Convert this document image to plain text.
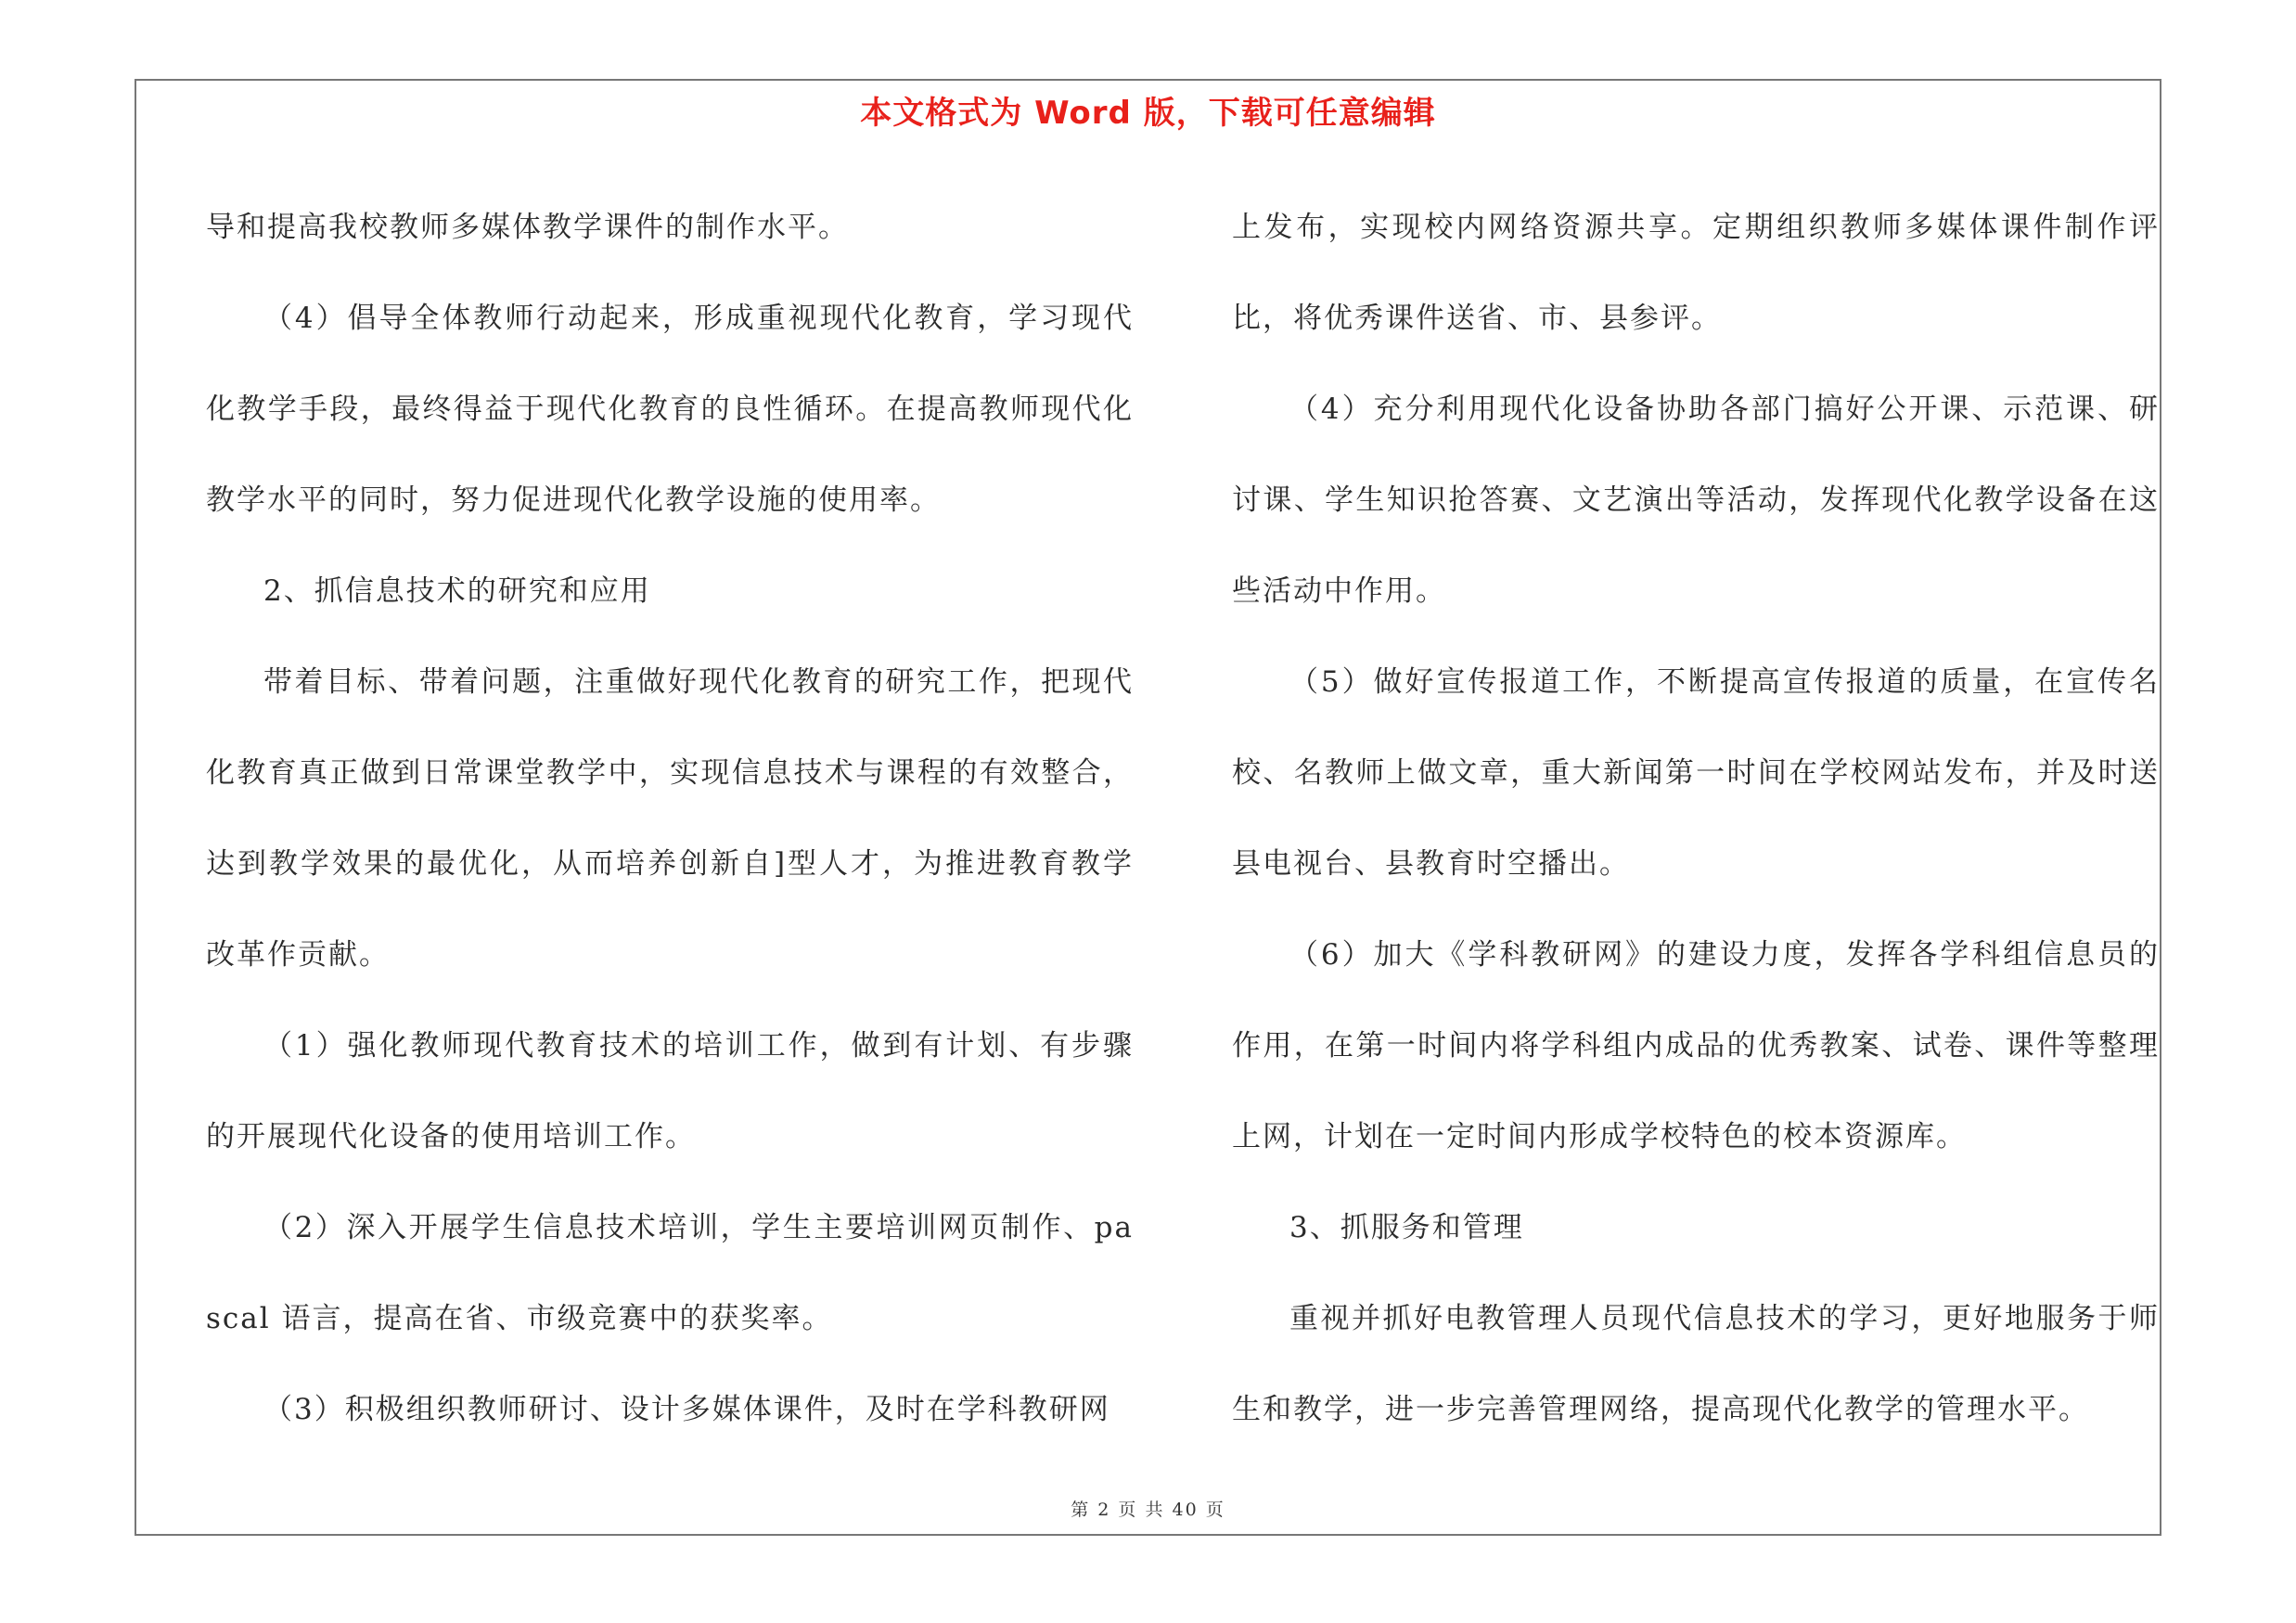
本文格式为 Word 版，下载可任意编辑

导和提高我校教师多媒体教学课件的制作水平。

（4）倡导全体教师行动起来，形成重视现代化教育，学习现代化教学手段，最终得益于现代化教育的良性循环。在提高教师现代化教学水平的同时，努力促进现代化教学设施的使用率。

2、抓信息技术的研究和应用

带着目标、带着问题，注重做好现代化教育的研究工作，把现代化教育真正做到日常课堂教学中，实现信息技术与课程的有效整合，达到教学效果的最优化，从而培养创新自]型人才，为推进教育教学改革作贡献。

（1）强化教师现代教育技术的培训工作，做到有计划、有步骤的开展现代化设备的使用培训工作。

（2）深入开展学生信息技术培训，学生主要培训网页制作、pascal 语言，提高在省、市级竞赛中的获奖率。

（3）积极组织教师研讨、设计多媒体课件，及时在学科教研网

上发布，实现校内网络资源共享。定期组织教师多媒体课件制作评比，将优秀课件送省、市、县参评。

（4）充分利用现代化设备协助各部门搞好公开课、示范课、研讨课、学生知识抢答赛、文艺演出等活动，发挥现代化教学设备在这些活动中作用。

（5）做好宣传报道工作，不断提高宣传报道的质量，在宣传名校、名教师上做文章，重大新闻第一时间在学校网站发布，并及时送县电视台、县教育时空播出。

（6）加大《学科教研网》的建设力度，发挥各学科组信息员的作用，在第一时间内将学科组内成品的优秀教案、试卷、课件等整理上网，计划在一定时间内形成学校特色的校本资源库。

3、抓服务和管理

重视并抓好电教管理人员现代信息技术的学习，更好地服务于师生和教学，进一步完善管理网络，提高现代化教学的管理水平。

第 2 页 共 40 页
